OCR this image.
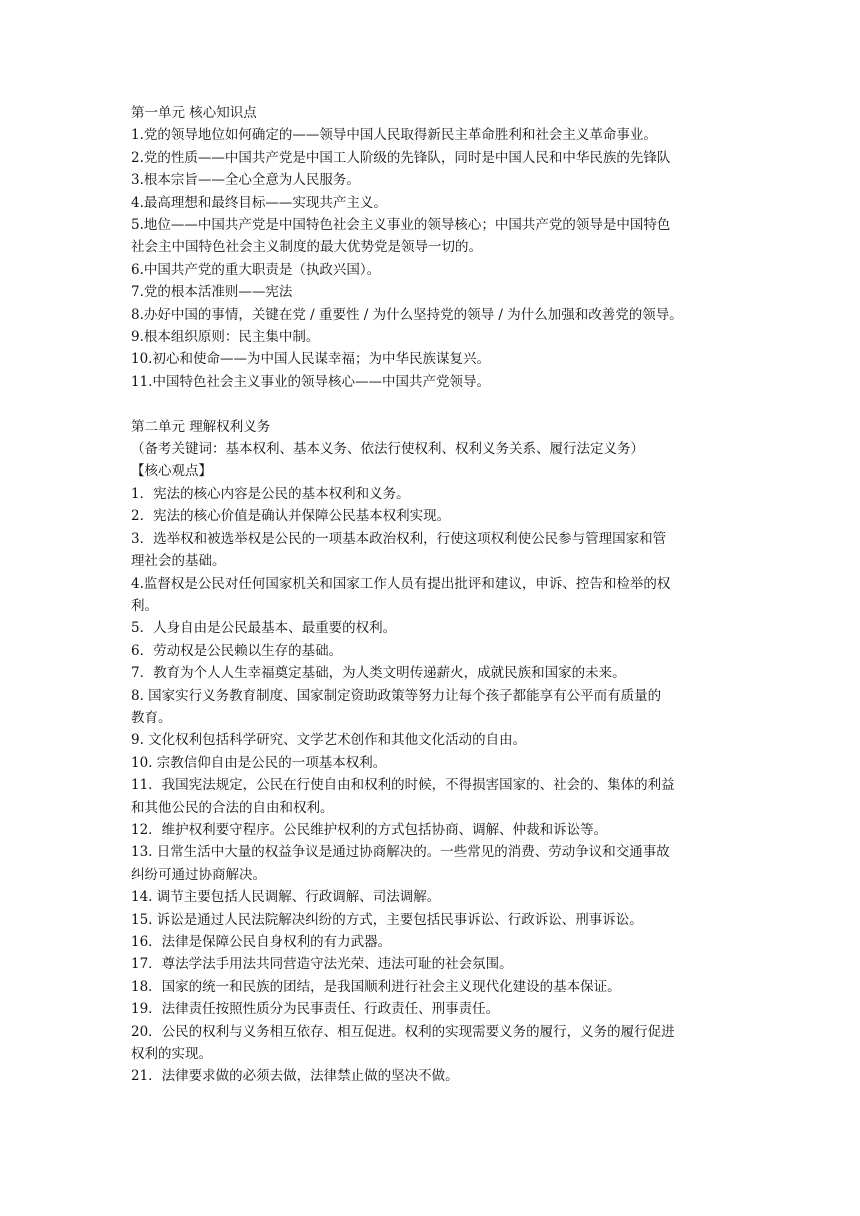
第一单元 核心知识点

1.党的领导地位如何确定的——领导中国人民取得新民主革命胜利和社会主义革命事业。

2.党的性质——中国共产党是中国工人阶级的先锋队，同时是中国人民和中华民族的先锋队

3.根本宗旨——全心全意为人民服务。

4.最高理想和最终目标——实现共产主义。

5.地位——中国共产党是中国特色社会主义事业的领导核心；中国共产党的领导是中国特色

社会主中国特色社会主义制度的最大优势党是领导一切的。

6.中国共产党的重大职责是（执政兴国）。

7.党的根本活准则——宪法

8.办好中国的事情，关键在党 / 重要性 / 为什么坚持党的领导 / 为什么加强和改善党的领导。

9.根本组织原则：民主集中制。

10.初心和使命——为中国人民谋幸福；为中华民族谋复兴。

11.中国特色社会主义事业的领导核心——中国共产党领导。

第二单元 理解权利义务

（备考关键词：基本权利、基本义务、依法行使权利、权利义务关系、履行法定义务）

【核心观点】

1．宪法的核心内容是公民的基本权利和义务。

2．宪法的核心价值是确认并保障公民基本权利实现。

3．选举权和被选举权是公民的一项基本政治权利，行使这项权利使公民参与管理国家和管

理社会的基础。

4.监督权是公民对任何国家机关和国家工作人员有提出批评和建议，申诉、控告和检举的权

利。

5．人身自由是公民最基本、最重要的权利。

6．劳动权是公民赖以生存的基础。

7．教育为个人人生幸福奠定基础，为人类文明传递薪火，成就民族和国家的未来。

8. 国家实行义务教育制度、国家制定资助政策等努力让每个孩子都能享有公平而有质量的

教育。

9. 文化权利包括科学研究、文学艺术创作和其他文化活动的自由。

10. 宗教信仰自由是公民的一项基本权利。

11．我国宪法规定，公民在行使自由和权利的时候，不得损害国家的、社会的、集体的利益

和其他公民的合法的自由和权利。

12．维护权利要守程序。公民维护权利的方式包括协商、调解、仲裁和诉讼等。

13. 日常生活中大量的权益争议是通过协商解决的。一些常见的消费、劳动争议和交通事故

纠纷可通过协商解决。

14. 调节主要包括人民调解、行政调解、司法调解。

15. 诉讼是通过人民法院解决纠纷的方式，主要包括民事诉讼、行政诉讼、刑事诉讼。

16．法律是保障公民自身权利的有力武器。

17．尊法学法手用法共同营造守法光荣、违法可耻的社会氛围。

18．国家的统一和民族的团结，是我国顺利进行社会主义现代化建设的基本保证。

19．法律责任按照性质分为民事责任、行政责任、刑事责任。

20．公民的权利与义务相互依存、相互促进。权利的实现需要义务的履行，义务的履行促进

权利的实现。

21．法律要求做的必须去做，法律禁止做的坚决不做。
